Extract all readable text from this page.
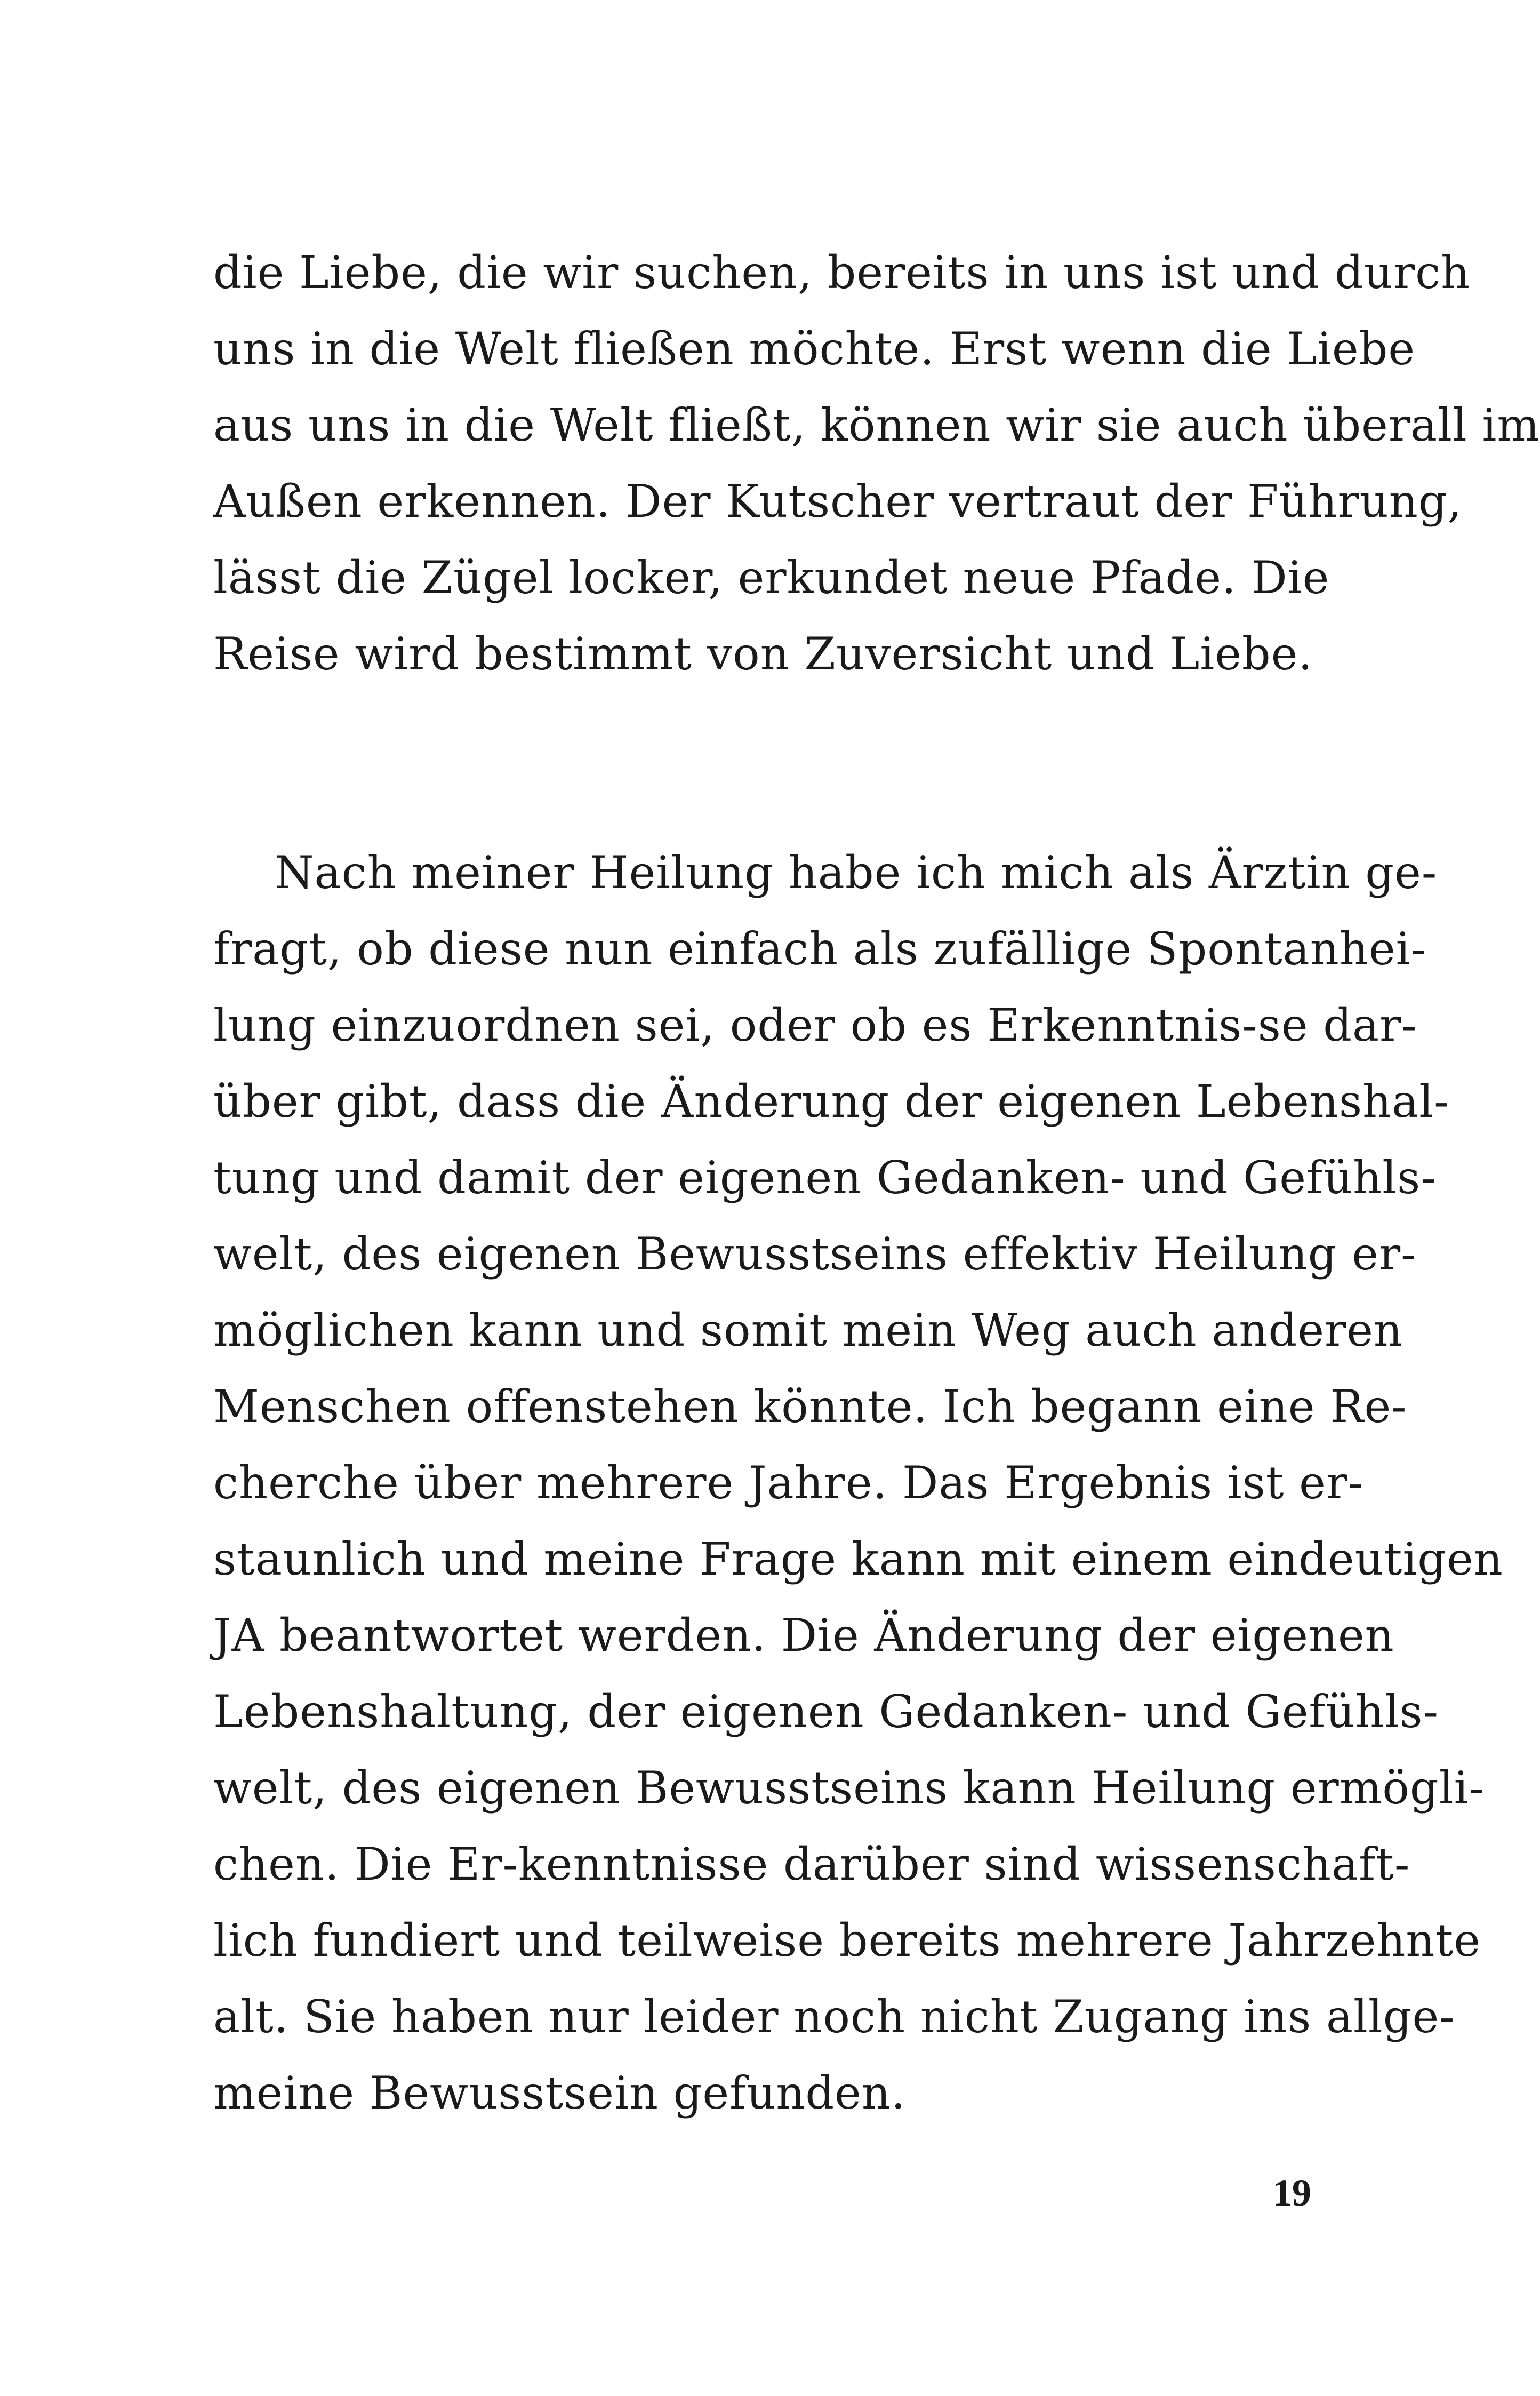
die Liebe, die wir suchen, bereits in uns ist und durch
uns in die Welt fließen möchte. Erst wenn die Liebe
aus uns in die Welt fließt, können wir sie auch überall im
Außen erkennen. Der Kutscher vertraut der Führung,
lässt die Zügel locker, erkundet neue Pfade. Die
Reise wird bestimmt von Zuversicht und Liebe.
Nach meiner Heilung habe ich mich als Ärztin ge-
fragt, ob diese nun einfach als zufällige Spontanhei-
lung einzuordnen sei, oder ob es Erkenntnis-se dar-
über gibt, dass die Änderung der eigenen Lebenshal-
tung und damit der eigenen Gedanken- und Gefühls-
welt, des eigenen Bewusstseins effektiv Heilung er-
möglichen kann und somit mein Weg auch anderen
Menschen offenstehen könnte. Ich begann eine Re-
cherche über mehrere Jahre. Das Ergebnis ist er-
staunlich und meine Frage kann mit einem eindeutigen
JA beantwortet werden. Die Änderung der eigenen
Lebenshaltung, der eigenen Gedanken- und Gefühls-
welt, des eigenen Bewusstseins kann Heilung ermögli-
chen. Die Er-kenntnisse darüber sind wissenschaft-
lich fundiert und teilweise bereits mehrere Jahrzehnte
alt. Sie haben nur leider noch nicht Zugang ins allge-
meine Bewusstsein gefunden.
19
